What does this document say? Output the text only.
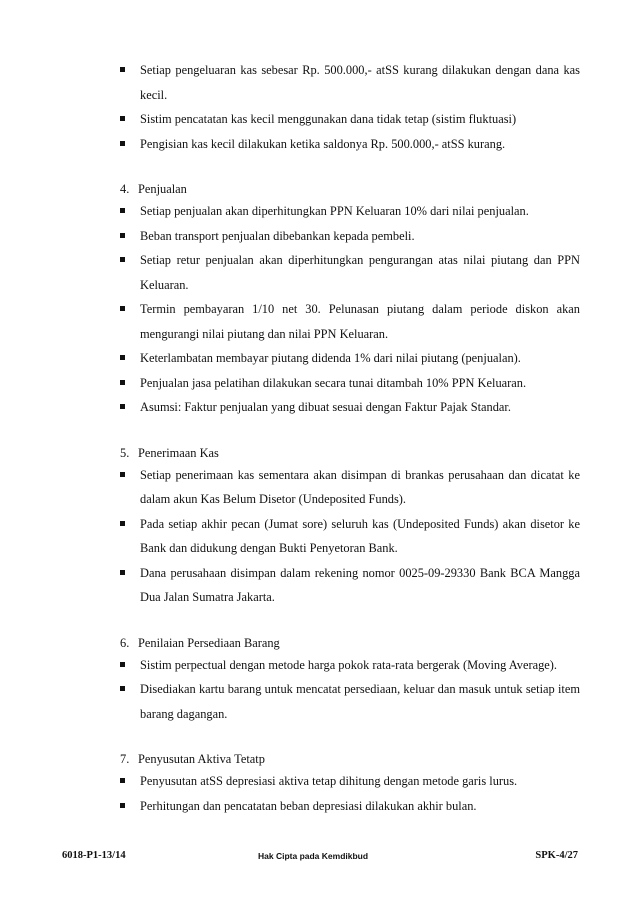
Setiap pengeluaran kas sebesar Rp. 500.000,- atSS kurang dilakukan dengan dana kas kecil.
Sistim pencatatan kas kecil menggunakan dana tidak tetap (sistim fluktuasi)
Pengisian kas kecil dilakukan ketika saldonya Rp. 500.000,- atSS kurang.
4. Penjualan
Setiap penjualan akan diperhitungkan PPN Keluaran 10% dari nilai penjualan.
Beban transport penjualan dibebankan kepada pembeli.
Setiap retur penjualan akan diperhitungkan pengurangan atas nilai piutang dan PPN Keluaran.
Termin pembayaran 1/10 net 30. Pelunasan piutang dalam periode diskon akan mengurangi nilai piutang dan nilai PPN Keluaran.
Keterlambatan membayar piutang didenda 1% dari nilai piutang (penjualan).
Penjualan jasa pelatihan dilakukan secara tunai ditambah 10% PPN Keluaran.
Asumsi: Faktur penjualan yang dibuat sesuai dengan Faktur Pajak Standar.
5. Penerimaan Kas
Setiap penerimaan kas sementara akan disimpan di brankas perusahaan dan dicatat ke dalam akun Kas Belum Disetor (Undeposited Funds).
Pada setiap akhir pecan (Jumat sore) seluruh kas (Undeposited Funds) akan disetor ke Bank dan didukung dengan Bukti Penyetoran Bank.
Dana perusahaan disimpan dalam rekening nomor 0025-09-29330 Bank BCA Mangga Dua Jalan Sumatra Jakarta.
6. Penilaian Persediaan Barang
Sistim perpectual dengan metode harga pokok rata-rata bergerak (Moving Average).
Disediakan kartu barang untuk mencatat persediaan, keluar dan masuk untuk setiap item barang dagangan.
7. Penyusutan Aktiva Tetatp
Penyusutan atSS depresiasi aktiva tetap dihitung dengan metode garis lurus.
Perhitungan dan pencatatan beban depresiasi dilakukan akhir bulan.
6018-P1-13/14	Hak Cipta pada Kemdikbud	SPK-4/27
